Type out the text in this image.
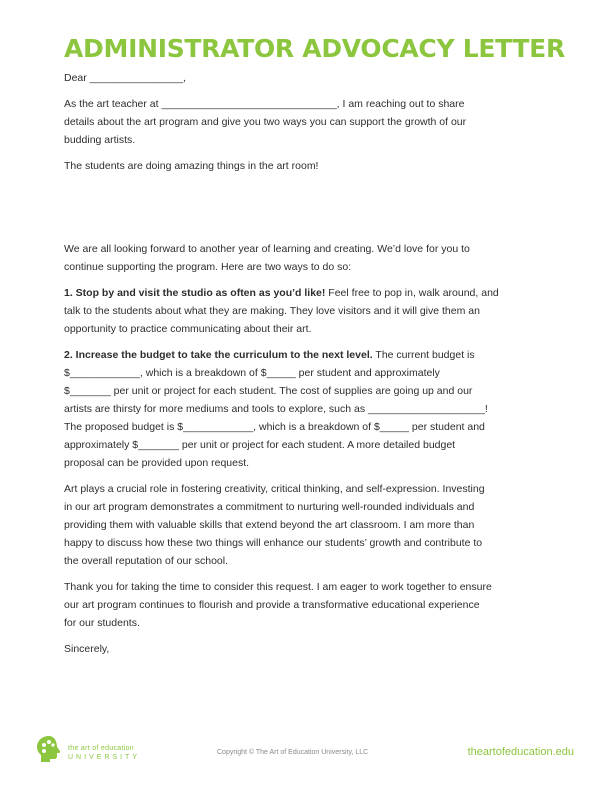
ADMINISTRATOR ADVOCACY LETTER

Dear ________________,

As the art teacher at ______________________________, I am reaching out to share
details about the art program and give you two ways you can support the growth of our
budding artists.

The students are doing amazing things in the art room!

We are all looking forward to another year of learning and creating. We’d love for you to
continue supporting the program. Here are two ways to do so:

1. Stop by and visit the studio as often as you’d like! Feel free to pop in, walk around, and
talk to the students about what they are making. They love visitors and it will give them an
opportunity to practice communicating about their art.

2. Increase the budget to take the curriculum to the next level. The current budget is
$____________, which is a breakdown of $_____ per student and approximately
$_______ per unit or project for each student. The cost of supplies are going up and our
artists are thirsty for more mediums and tools to explore, such as ____________________!
The proposed budget is $____________, which is a breakdown of $_____ per student and
approximately $_______ per unit or project for each student. A more detailed budget
proposal can be provided upon request.

Art plays a crucial role in fostering creativity, critical thinking, and self-expression. Investing
in our art program demonstrates a commitment to nurturing well-rounded individuals and
providing them with valuable skills that extend beyond the art classroom. I am more than
happy to discuss how these two things will enhance our students’ growth and contribute to
the overall reputation of our school.

Thank you for taking the time to consider this request. I am eager to work together to ensure
our art program continues to flourish and provide a transformative educational experience
for our students.

Sincerely,

the art of education
UNIVERSITY
Copyright © The Art of Education University, LLC	theartofeducation.edu
